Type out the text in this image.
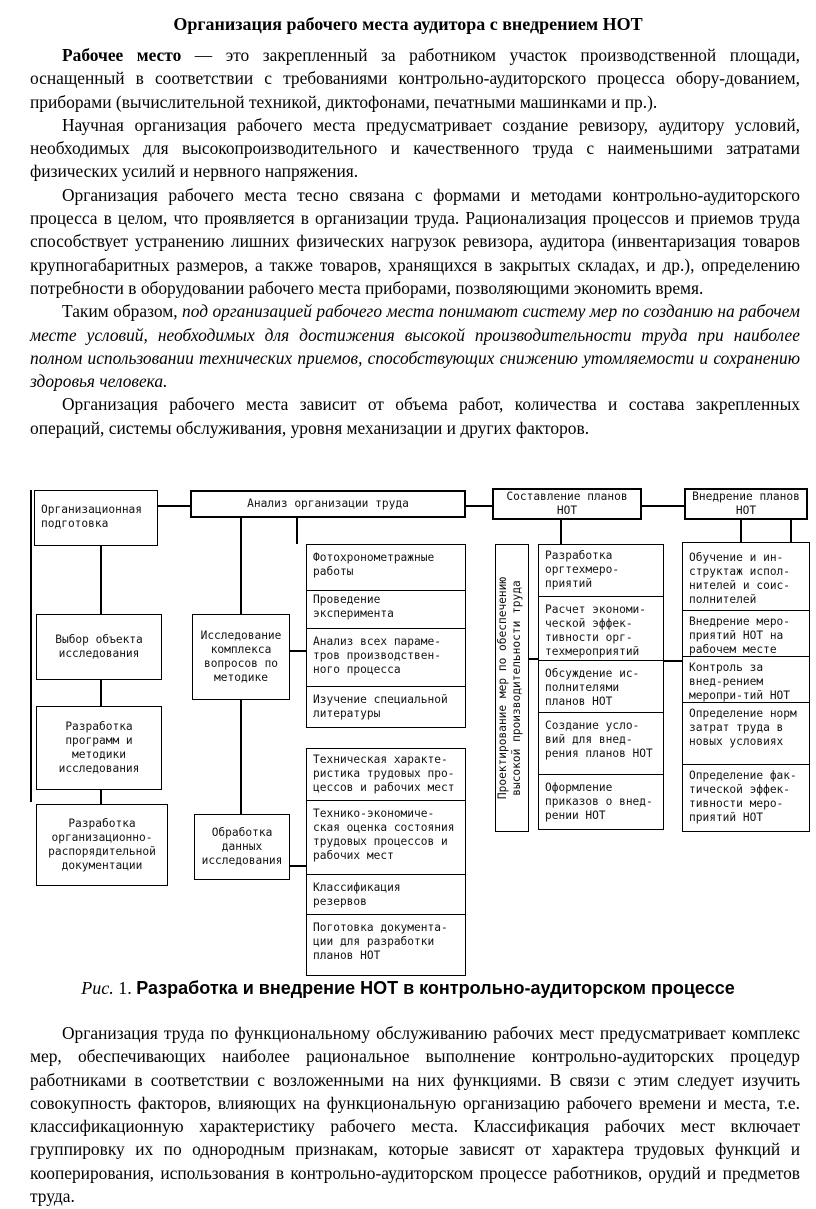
Организация рабочего места аудитора с внедрением НОТ

Рабочее место — это закрепленный за работником участок производственной площади, оснащенный в соответствии с требованиями контрольно-аудиторского процесса обору-дованием, приборами (вычислительной техникой, диктофонами, печатными машинками и пр.).

Научная организация рабочего места предусматривает создание ревизору, аудитору условий, необходимых для высокопроизводительного и качественного труда с наименьшими затратами физических усилий и нервного напряжения.

Организация рабочего места тесно связана с формами и методами контрольно-аудиторского процесса в целом, что проявляется в организации труда. Рационализация процессов и приемов труда способствует устранению лишних физических нагрузок ревизора, аудитора (инвентаризация товаров крупногабаритных размеров, а также товаров, хранящихся в закрытых складах, и др.), определению потребности в оборудовании рабочего места приборами, позволяющими экономить время.

Таким образом, под организацией рабочего места понимают систему мер по созданию на рабочем месте условий, необходимых для достижения высокой производительности труда при наиболее полном использовании технических приемов, способствующих снижению утомляемости и сохранению здоровья человека.

Организация рабочего места зависит от объема работ, количества и состава закрепленных операций, системы обслуживания, уровня механизации и других факторов.

Организационная подготовка
Анализ организации труда
Составление планов НОТ
Внедрение планов НОТ
Выбор объекта исследования
Разработка программ и методики исследования
Разработка организационно-распорядительной документации
Исследование комплекса вопросов по методике
Обработка данных исследования
Фотохронометражные работы
Проведение эксперимента
Анализ всех параме-тров производствен-ного процесса
Изучение специальной литературы
Техническая характе-ристика трудовых про-цессов и рабочих мест
Технико-экономиче-ская оценка состояния трудовых процессов и рабочих мест
Классификация резервов
Поготовка документа-ции для разработки планов НОТ
Проектирование мер по обеспечению высокой производительности труда
Разработка оргтехмеро-приятий
Расчет экономи-ческой эффек-тивности орг-техмероприятий
Обсуждение ис-полнителями планов НОТ
Создание усло-вий для внед-рения планов НОТ
Оформление приказов о внед-рении НОТ
Обучение и ин-структаж испол-нителей и соис-полнителей
Внедрение меро-приятий НОТ на рабочем месте
Контроль за внед-рением меропри-тий НОТ
Определение норм затрат труда в новых условиях
Определение фак-тической эффек-тивности меро-приятий НОТ
Рис. 1. Разработка и внедрение НОТ в контрольно-аудиторском процессе

Организация труда по функциональному обслуживанию рабочих мест предусматривает комплекс мер, обеспечивающих наиболее рациональное выполнение контрольно-аудиторских процедур работниками в соответствии с возложенными на них функциями. В связи с этим следует изучить совокупность факторов, влияющих на функциональную организацию рабочего времени и места, т.е. классификационную характеристику рабочего места. Классификация рабочих мест включает группировку их по однородным признакам, которые зависят от характера трудовых функций и кооперирования, использования в контрольно-аудиторском процессе работников, орудий и предметов труда.
